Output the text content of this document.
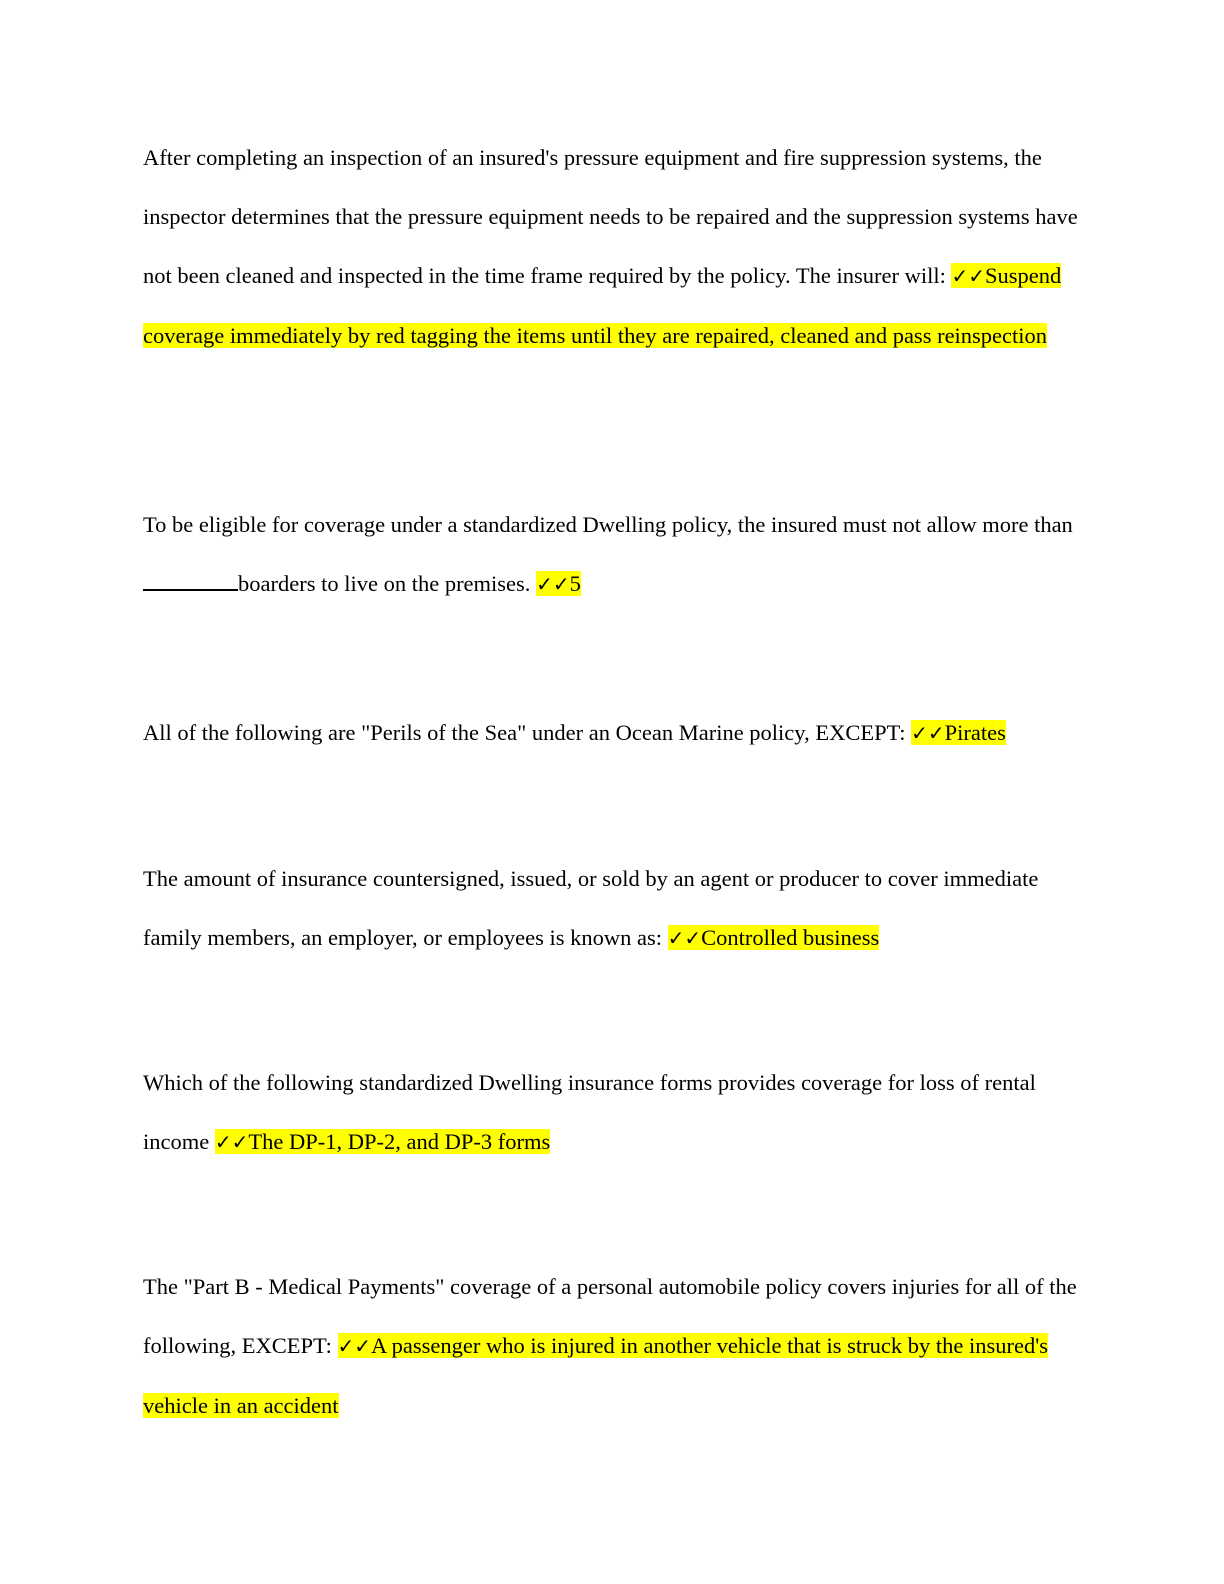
After completing an inspection of an insured's pressure equipment and fire suppression systems, the inspector determines that the pressure equipment needs to be repaired and the suppression systems have not been cleaned and inspected in the time frame required by the policy. The insurer will: ✓✓Suspend coverage immediately by red tagging the items until they are repaired, cleaned and pass reinspection

To be eligible for coverage under a standardized Dwelling policy, the insured must not allow more thanboarders to live on the premises. ✓✓5

All of the following are "Perils of the Sea" under an Ocean Marine policy, EXCEPT: ✓✓Pirates

The amount of insurance countersigned, issued, or sold by an agent or producer to cover immediate family members, an employer, or employees is known as: ✓✓Controlled business

Which of the following standardized Dwelling insurance forms provides coverage for loss of rental income ✓✓The DP-1, DP-2, and DP-3 forms

The "Part B - Medical Payments" coverage of a personal automobile policy covers injuries for all of the following, EXCEPT: ✓✓A passenger who is injured in another vehicle that is struck by the insured's vehicle in an accident
